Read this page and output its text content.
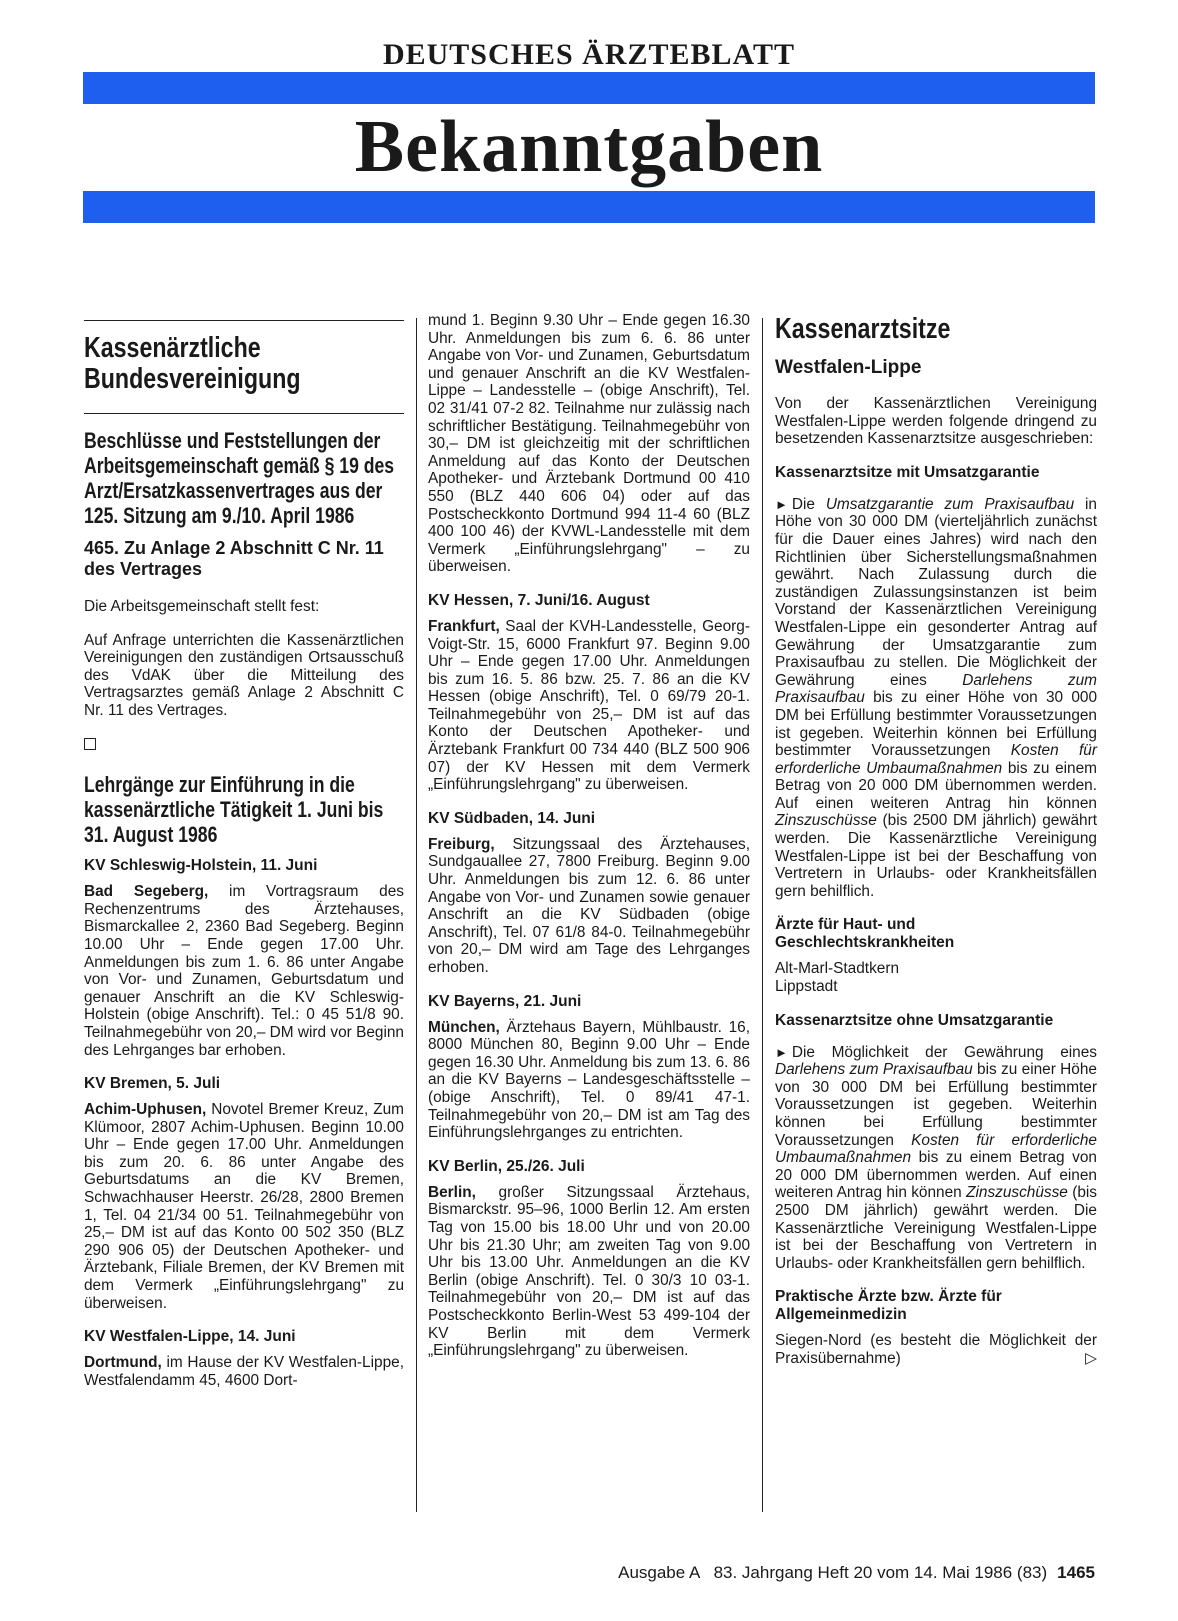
DEUTSCHES ÄRZTEBLATT
Bekanntgaben
Kassenärztliche Bundesvereinigung
Beschlüsse und Feststellungen der Arbeitsgemeinschaft gemäß § 19 des Arzt/Ersatzkassenvertrages aus der 125. Sitzung am 9./10. April 1986
465. Zu Anlage 2 Abschnitt C Nr. 11 des Vertrages

Die Arbeitsgemeinschaft stellt fest:

Auf Anfrage unterrichten die Kassenärztlichen Vereinigungen den zuständigen Ortsausschuß des VdAK über die Mitteilung des Vertragsarztes gemäß Anlage 2 Abschnitt C Nr. 11 des Vertrages.

Lehrgänge zur Einführung in die kassenärztliche Tätigkeit 1. Juni bis 31. August 1986
KV Schleswig-Holstein, 11. Juni

Bad Segeberg, im Vortragsraum des Rechenzentrums des Ärztehauses, Bismarckallee 2, 2360 Bad Segeberg. Beginn 10.00 Uhr – Ende gegen 17.00 Uhr. Anmeldungen bis zum 1. 6. 86 unter Angabe von Vor- und Zunamen, Geburtsdatum und genauer Anschrift an die KV Schleswig-Holstein (obige Anschrift). Tel.: 0 45 51/8 90. Teilnahmegebühr von 20,– DM wird vor Beginn des Lehrganges bar erhoben.

KV Bremen, 5. Juli

Achim-Uphusen, Novotel Bremer Kreuz, Zum Klümoor, 2807 Achim-Uphusen. Beginn 10.00 Uhr – Ende gegen 17.00 Uhr. Anmeldungen bis zum 20. 6. 86 unter Angabe des Geburtsdatums an die KV Bremen, Schwachhauser Heerstr. 26/28, 2800 Bremen 1, Tel. 04 21/34 00 51. Teilnahmegebühr von 25,– DM ist auf das Konto 00 502 350 (BLZ 290 906 05) der Deutschen Apotheker- und Ärztebank, Filiale Bremen, der KV Bremen mit dem Vermerk „Einführungslehrgang" zu überweisen.

KV Westfalen-Lippe, 14. Juni

Dortmund, im Hause der KV Westfalen-Lippe, Westfalendamm 45, 4600 Dort-

mund 1. Beginn 9.30 Uhr – Ende gegen 16.30 Uhr. Anmeldungen bis zum 6. 6. 86 unter Angabe von Vor- und Zunamen, Geburtsdatum und genauer Anschrift an die KV Westfalen-Lippe – Landesstelle – (obige Anschrift), Tel. 02 31/41 07-2 82. Teilnahme nur zulässig nach schriftlicher Bestätigung. Teilnahmegebühr von 30,– DM ist gleichzeitig mit der schriftlichen Anmeldung auf das Konto der Deutschen Apotheker- und Ärztebank Dortmund 00 410 550 (BLZ 440 606 04) oder auf das Postscheckkonto Dortmund 994 11-4 60 (BLZ 400 100 46) der KVWL-Landesstelle mit dem Vermerk „Einführungslehrgang" – zu überweisen.

KV Hessen, 7. Juni/16. August

Frankfurt, Saal der KVH-Landesstelle, Georg-Voigt-Str. 15, 6000 Frankfurt 97. Beginn 9.00 Uhr – Ende gegen 17.00 Uhr. Anmeldungen bis zum 16. 5. 86 bzw. 25. 7. 86 an die KV Hessen (obige Anschrift), Tel. 0 69/79 20-1. Teilnahmegebühr von 25,– DM ist auf das Konto der Deutschen Apotheker- und Ärztebank Frankfurt 00 734 440 (BLZ 500 906 07) der KV Hessen mit dem Vermerk „Einführungslehrgang" zu überweisen.

KV Südbaden, 14. Juni

Freiburg, Sitzungssaal des Ärztehauses, Sundgauallee 27, 7800 Freiburg. Beginn 9.00 Uhr. Anmeldungen bis zum 12. 6. 86 unter Angabe von Vor- und Zunamen sowie genauer Anschrift an die KV Südbaden (obige Anschrift), Tel. 07 61/8 84-0. Teilnahmegebühr von 20,– DM wird am Tage des Lehrganges erhoben.

KV Bayerns, 21. Juni

München, Ärztehaus Bayern, Mühlbaustr. 16, 8000 München 80, Beginn 9.00 Uhr – Ende gegen 16.30 Uhr. Anmeldung bis zum 13. 6. 86 an die KV Bayerns – Landesgeschäftsstelle – (obige Anschrift), Tel. 0 89/41 47-1. Teilnahmegebühr von 20,– DM ist am Tag des Einführungslehrganges zu entrichten.

KV Berlin, 25./26. Juli

Berlin, großer Sitzungssaal Ärztehaus, Bismarckstr. 95–96, 1000 Berlin 12. Am ersten Tag von 15.00 bis 18.00 Uhr und von 20.00 Uhr bis 21.30 Uhr; am zweiten Tag von 9.00 Uhr bis 13.00 Uhr. Anmeldungen an die KV Berlin (obige Anschrift). Tel. 0 30/3 10 03-1. Teilnahmegebühr von 20,– DM ist auf das Postscheckkonto Berlin-West 53 499-104 der KV Berlin mit dem Vermerk „Einführungslehrgang" zu überweisen.

Kassenarztsitze
Westfalen-Lippe

Von der Kassenärztlichen Vereinigung Westfalen-Lippe werden folgende dringend zu besetzenden Kassenarztsitze ausgeschrieben:

Kassenarztsitze mit Umsatzgarantie

► Die Umsatzgarantie zum Praxisaufbau in Höhe von 30 000 DM (vierteljährlich zunächst für die Dauer eines Jahres) wird nach den Richtlinien über Sicherstellungsmaßnahmen gewährt. Nach Zulassung durch die zuständigen Zulassungsinstanzen ist beim Vorstand der Kassenärztlichen Vereinigung Westfalen-Lippe ein gesonderter Antrag auf Gewährung der Umsatzgarantie zum Praxisaufbau zu stellen. Die Möglichkeit der Gewährung eines Darlehens zum Praxisaufbau bis zu einer Höhe von 30 000 DM bei Erfüllung bestimmter Voraussetzungen ist gegeben. Weiterhin können bei Erfüllung bestimmter Voraussetzungen Kosten für erforderliche Umbaumaßnahmen bis zu einem Betrag von 20 000 DM übernommen werden. Auf einen weiteren Antrag hin können Zinszuschüsse (bis 2500 DM jährlich) gewährt werden. Die Kassenärztliche Vereinigung Westfalen-Lippe ist bei der Beschaffung von Vertretern in Urlaubs- oder Krankheitsfällen gern behilflich.

Ärzte für Haut- und Geschlechtskrankheiten

Alt-Marl-Stadtkern
Lippstadt

Kassenarztsitze ohne Umsatzgarantie

► Die Möglichkeit der Gewährung eines Darlehens zum Praxisaufbau bis zu einer Höhe von 30 000 DM bei Erfüllung bestimmter Voraussetzungen ist gegeben. Weiterhin können bei Erfüllung bestimmter Voraussetzungen Kosten für erforderliche Umbaumaßnahmen bis zu einem Betrag von 20 000 DM übernommen werden. Auf einen weiteren Antrag hin können Zinszuschüsse (bis 2500 DM jährlich) gewährt werden. Die Kassenärztliche Vereinigung Westfalen-Lippe ist bei der Beschaffung von Vertretern in Urlaubs- oder Krankheitsfällen gern behilflich.

Praktische Ärzte bzw. Ärzte für Allgemeinmedizin

Siegen-Nord (es besteht die Möglichkeit der Praxisübernahme)	▷

Ausgabe A   83. Jahrgang Heft 20 vom 14. Mai 1986 (83) 1465
